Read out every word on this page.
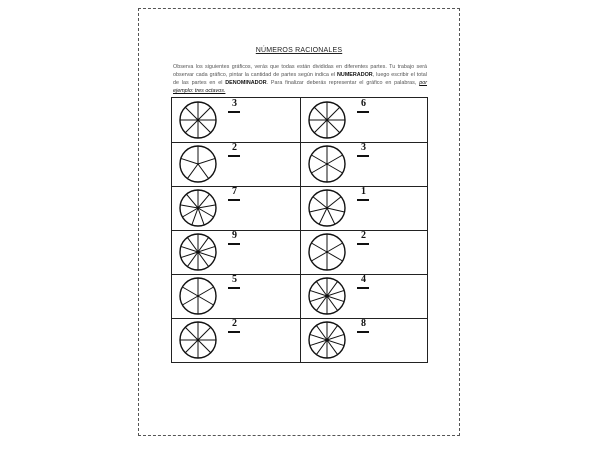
NÚMEROS RACIONALES
Observa los siguientes gráficos, verás que todas están divididas en diferentes partes. Tu trabajo será observar cada gráfico, pintar la cantidad de partes según indica el NUMERADOR, luego escribir el total de las partes en el DENOMINADOR. Para finalizar deberás representar el gráfico en palabras, por ejemplo: tres octavos.
3	6
2	3
7	1
9	2
5	4
2	8
